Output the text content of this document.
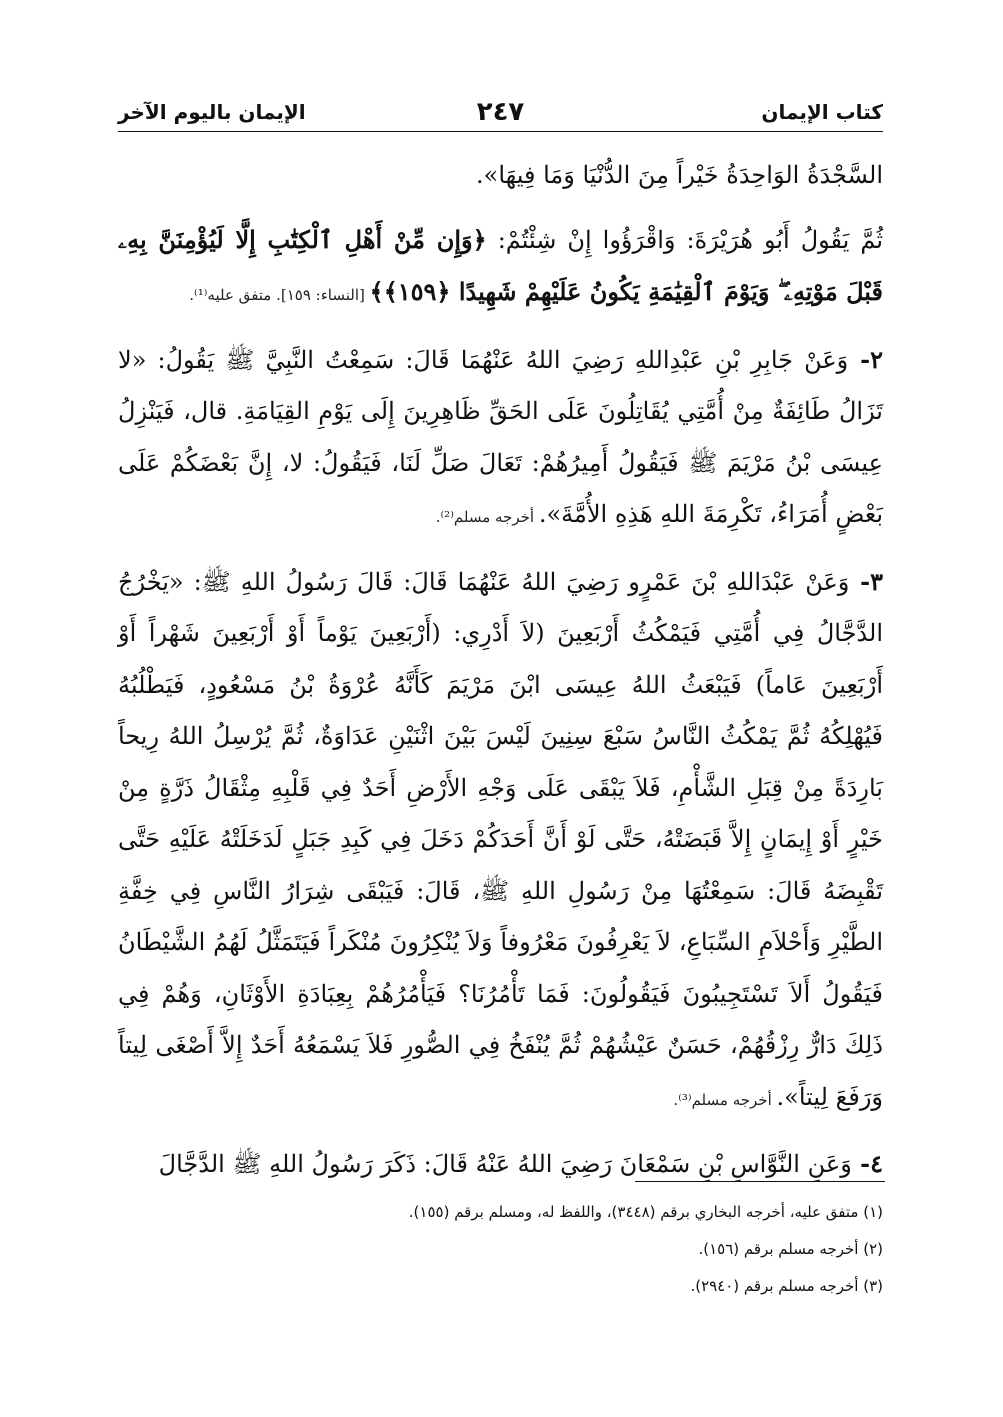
الإيمان باليوم الآخر	٢٤٧	كتاب الإيمان

السَّجْدَةُ الوَاحِدَةُ خَيْراً مِنَ الدُّنْيَا وَمَا فِيهَا».

ثُمَّ يَقُولُ أَبُو هُرَيْرَةَ: وَاقْرَؤُوا إِنْ شِئْتُمْ: ﴿وَإِن مِّنْ أَهْلِ ٱلْكِتَٰبِ إِلَّا لَيُؤْمِنَنَّ بِهِۦ قَبْلَ مَوْتِهِۦ ۖ وَيَوْمَ ٱلْقِيَٰمَةِ يَكُونُ عَلَيْهِمْ شَهِيدًا ﴿١٥٩﴾﴾ [النساء: ١٥٩]. متفق عليه⁽¹⁾.

٢- وَعَنْ جَابِرِ بْنِ عَبْدِاللهِ رَضِيَ اللهُ عَنْهُمَا قَالَ: سَمِعْتُ النَّبِيَّ ﷺ يَقُولُ: «لا تَزَالُ طَائِفَةٌ مِنْ أُمَّتِي يُقَاتِلُونَ عَلَى الحَقِّ ظَاهِرِينَ إِلَى يَوْمِ القِيَامَةِ. قال، فَيَنْزِلُ عِيسَى بْنُ مَرْيَمَ ﷺ فَيَقُولُ أَمِيرُهُمْ: تَعَالَ صَلِّ لَنَا، فَيَقُولُ: لا، إِنَّ بَعْضَكُمْ عَلَى بَعْضٍ أُمَرَاءُ، تَكْرِمَةَ اللهِ هَذِهِ الأُمَّةَ». أخرجه مسلم⁽²⁾.

٣- وَعَنْ عَبْدَاللهِ بْنَ عَمْرٍو رَضِيَ اللهُ عَنْهُمَا قَالَ: قَالَ رَسُولُ اللهِ ﷺ: «يَخْرُجُ الدَّجَّالُ فِي أُمَّتِي فَيَمْكُثُ أَرْبَعِينَ (لاَ أَدْرِي: (أَرْبَعِينَ يَوْماً أَوْ أَرْبَعِينَ شَهْراً أَوْ أَرْبَعِينَ عَاماً) فَيَبْعَثُ اللهُ عِيسَى ابْنَ مَرْيَمَ كَأَنَّهُ عُرْوَةُ بْنُ مَسْعُودٍ، فَيَطْلُبُهُ فَيُهْلِكُهُ ثُمَّ يَمْكُثُ النَّاسُ سَبْعَ سِنِينَ لَيْسَ بَيْنَ اثْنَيْنِ عَدَاوَةٌ، ثُمَّ يُرْسِلُ اللهُ رِيحاً بَارِدَةً مِنْ قِبَلِ الشَّأْمِ، فَلاَ يَبْقَى عَلَى وَجْهِ الأَرْضِ أَحَدٌ فِي قَلْبِهِ مِثْقَالُ ذَرَّةٍ مِنْ خَيْرٍ أَوْ إِيمَانٍ إِلاَّ قَبَضَتْهُ، حَتَّى لَوْ أَنَّ أَحَدَكُمْ دَخَلَ فِي كَبِدِ جَبَلٍ لَدَخَلَتْهُ عَلَيْهِ حَتَّى تَقْبِضَهُ قَالَ: سَمِعْتُهَا مِنْ رَسُولِ اللهِ ﷺ، قَالَ: فَيَبْقَى شِرَارُ النَّاسِ فِي خِفَّةِ الطَّيْرِ وَأَحْلاَمِ السِّبَاعِ، لاَ يَعْرِفُونَ مَعْرُوفاً وَلاَ يُنْكِرُونَ مُنْكَراً فَيَتَمَثَّلُ لَهُمُ الشَّيْطَانُ فَيَقُولُ أَلاَ تَسْتَجِيبُونَ فَيَقُولُونَ: فَمَا تَأْمُرُنَا؟ فَيَأْمُرُهُمْ بِعِبَادَةِ الأَوْثَانِ، وَهُمْ فِي ذَلِكَ دَارٌّ رِزْقُهُمْ، حَسَنٌ عَيْشُهُمْ ثُمَّ يُنْفَخُ فِي الصُّورِ فَلاَ يَسْمَعُهُ أَحَدٌ إِلاَّ أَصْغَى لِيتاً وَرَفَعَ لِيتاً». أخرجه مسلم⁽³⁾.

٤- وَعَنِ النَّوَّاسِ بْنِ سَمْعَانَ رَضِيَ اللهُ عَنْهُ قَالَ: ذَكَرَ رَسُولُ اللهِ ﷺ الدَّجَّالَ

(١) متفق عليه، أخرجه البخاري برقم (٣٤٤٨)، واللفظ له، ومسلم برقم (١٥٥).
(٢) أخرجه مسلم برقم (١٥٦).
(٣) أخرجه مسلم برقم (٢٩٤٠).
